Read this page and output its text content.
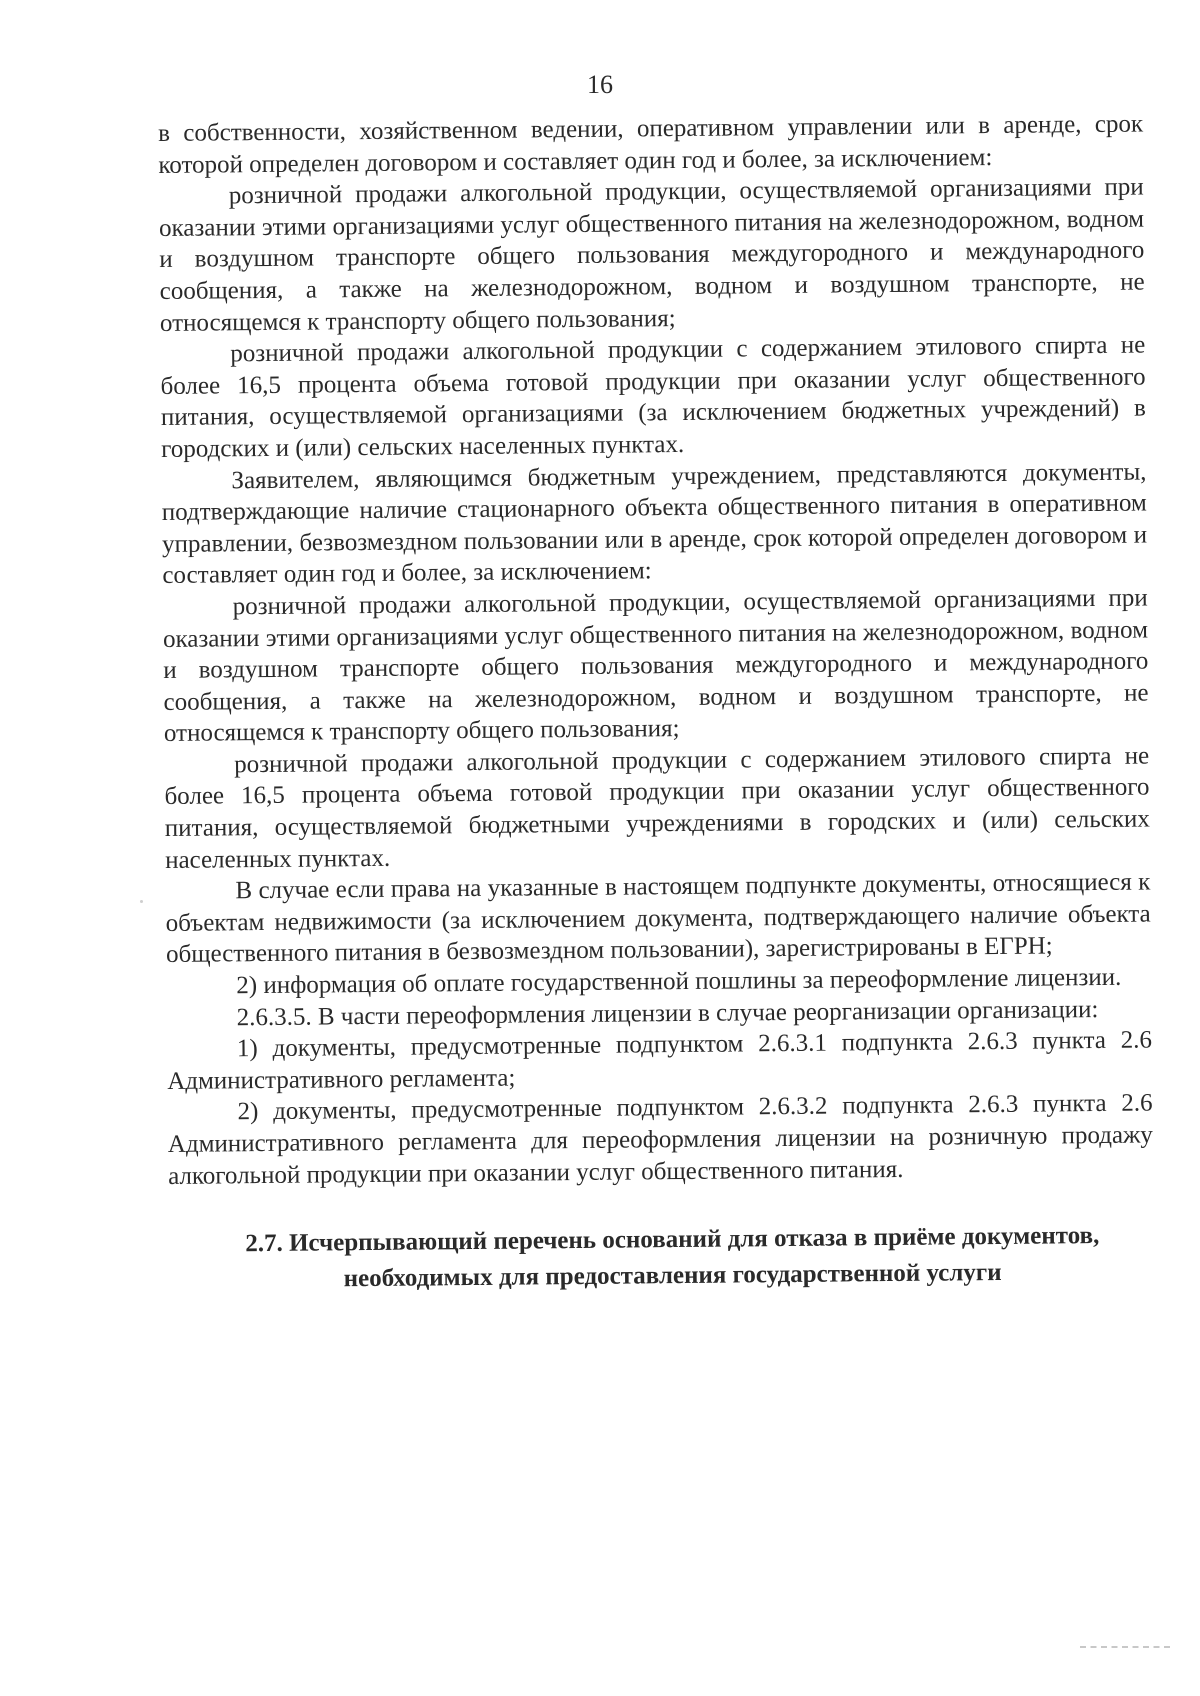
16

в собственности, хозяйственном ведении, оперативном управлении или в аренде, срок которой определен договором и составляет один год и более, за исключением:

розничной продажи алкогольной продукции, осуществляемой организациями при оказании этими организациями услуг общественного питания на железнодорожном, водном и воздушном транспорте общего пользования междугородного и международного сообщения, а также на железнодорожном, водном и воздушном транспорте, не относящемся к транспорту общего пользования;

розничной продажи алкогольной продукции с содержанием этилового спирта не более 16,5 процента объема готовой продукции при оказании услуг общественного питания, осуществляемой организациями (за исключением бюджетных учреждений) в городских и (или) сельских населенных пунктах.

Заявителем, являющимся бюджетным учреждением, представляются документы, подтверждающие наличие стационарного объекта общественного питания в оперативном управлении, безвозмездном пользовании или в аренде, срок которой определен договором и составляет один год и более, за исключением:

розничной продажи алкогольной продукции, осуществляемой организациями при оказании этими организациями услуг общественного питания на железнодорожном, водном и воздушном транспорте общего пользования междугородного и международного сообщения, а также на железнодорожном, водном и воздушном транспорте, не относящемся к транспорту общего пользования;

розничной продажи алкогольной продукции с содержанием этилового спирта не более 16,5 процента объема готовой продукции при оказании услуг общественного питания, осуществляемой бюджетными учреждениями в городских и (или) сельских населенных пунктах.

В случае если права на указанные в настоящем подпункте документы, относящиеся к объектам недвижимости (за исключением документа, подтверждающего наличие объекта общественного питания в безвозмездном пользовании), зарегистрированы в ЕГРН;

2) информация об оплате государственной пошлины за переоформление лицензии.

2.6.3.5. В части переоформления лицензии в случае реорганизации организации:

1) документы, предусмотренные подпунктом 2.6.3.1 подпункта 2.6.3 пункта 2.6 Административного регламента;

2) документы, предусмотренные подпунктом 2.6.3.2 подпункта 2.6.3 пункта 2.6 Административного регламента для переоформления лицензии на розничную продажу алкогольной продукции при оказании услуг общественного питания.

2.7. Исчерпывающий перечень оснований для отказа в приёме документов, необходимых для предоставления государственной услуги
